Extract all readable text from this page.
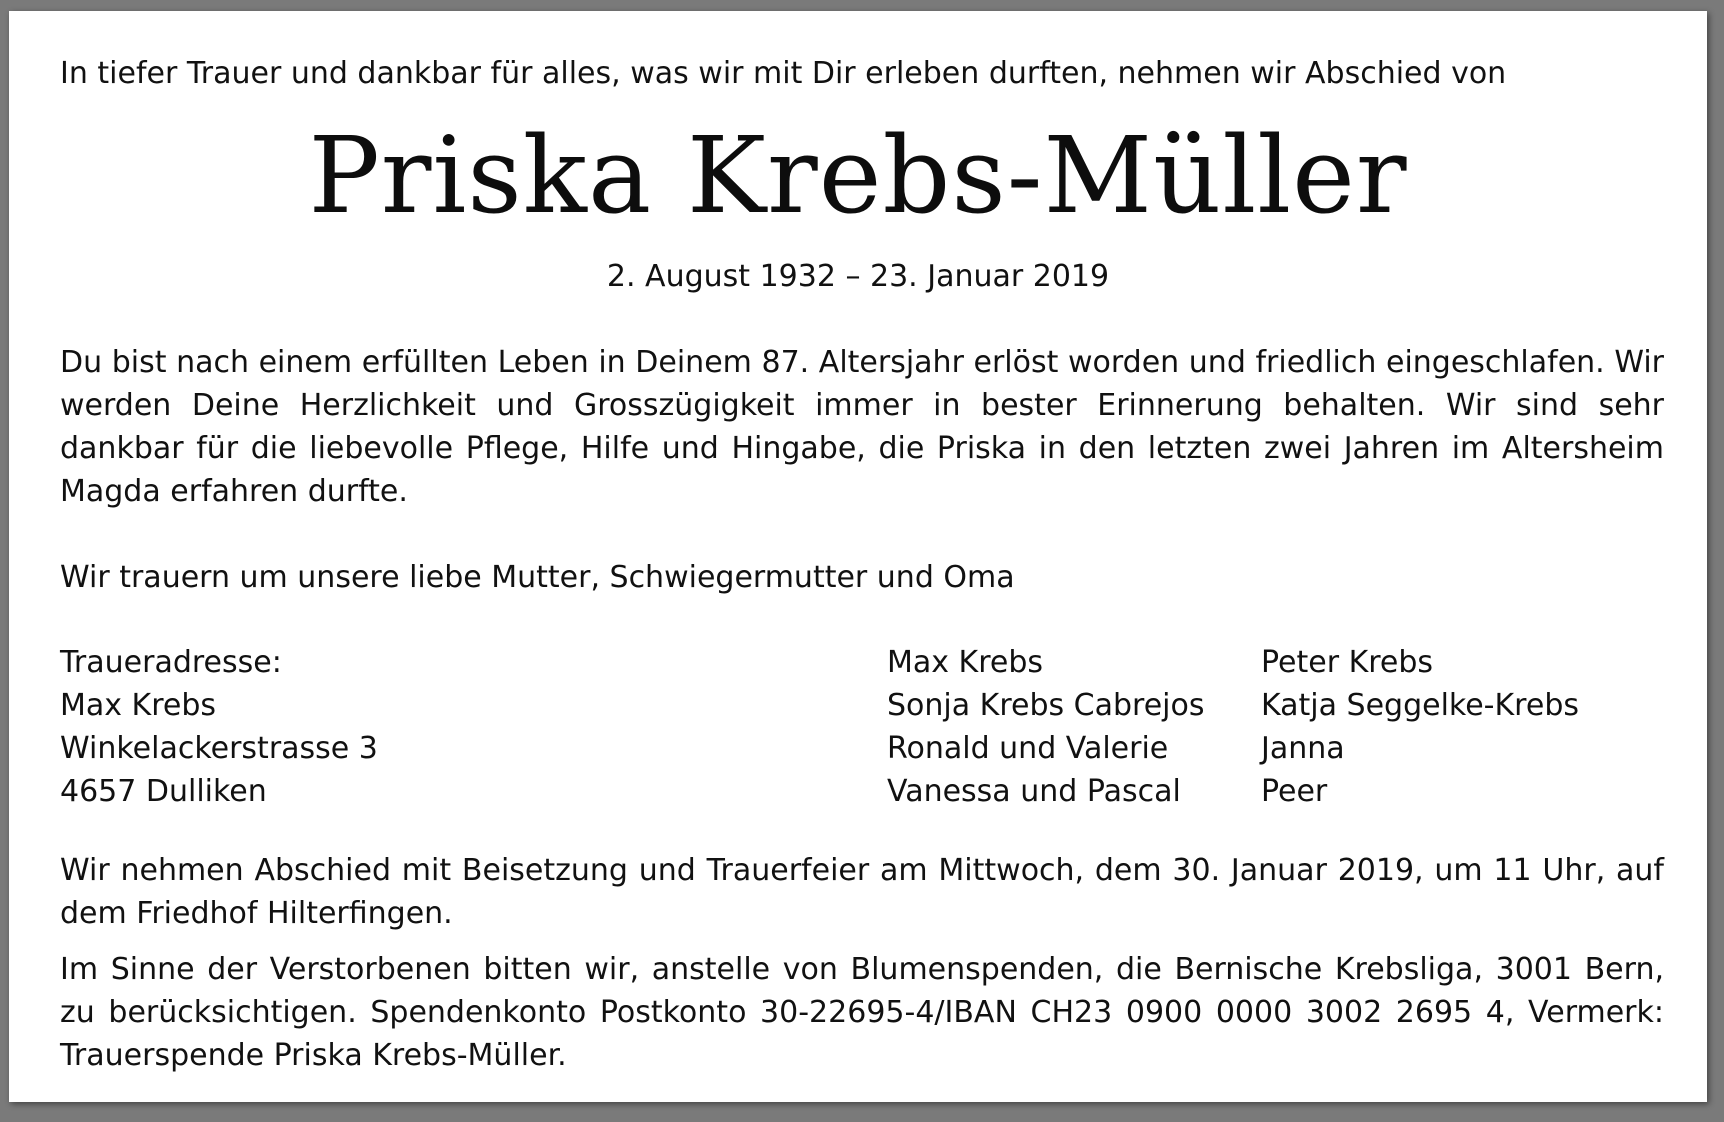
In tiefer Trauer und dankbar für alles, was wir mit Dir erleben durften, nehmen wir Abschied von

Priska Krebs-Müller
2. August 1932 – 23. Januar 2019

Du bist nach einem erfüllten Leben in Deinem 87. Altersjahr erlöst worden und friedlich eingeschlafen. Wir werden Deine Herzlichkeit und Grosszügigkeit immer in bester Erinnerung behalten. Wir sind sehr dankbar für die liebevolle Pflege, Hilfe und Hingabe, die Priska in den letzten zwei Jahren im Altersheim Magda erfahren durfte.

Wir trauern um unsere liebe Mutter, Schwiegermutter und Oma

Traueradresse:
Max Krebs
Winkelackerstrasse 3
4657 Dulliken
Max Krebs
Sonja Krebs Cabrejos
Ronald und Valerie
Vanessa und Pascal
Peter Krebs
Katja Seggelke-Krebs
Janna
Peer

Wir nehmen Abschied mit Beisetzung und Trauerfeier am Mittwoch, dem 30. Januar 2019, um 11 Uhr, auf dem Friedhof Hilterfingen.

Im Sinne der Verstorbenen bitten wir, anstelle von Blumenspenden, die Bernische Krebsliga, 3001 Bern, zu berücksichtigen. Spendenkonto Postkonto 30-22695-4/IBAN CH23 0900 0000 3002 2695 4, Vermerk: Trauerspende Priska Krebs-Müller.
